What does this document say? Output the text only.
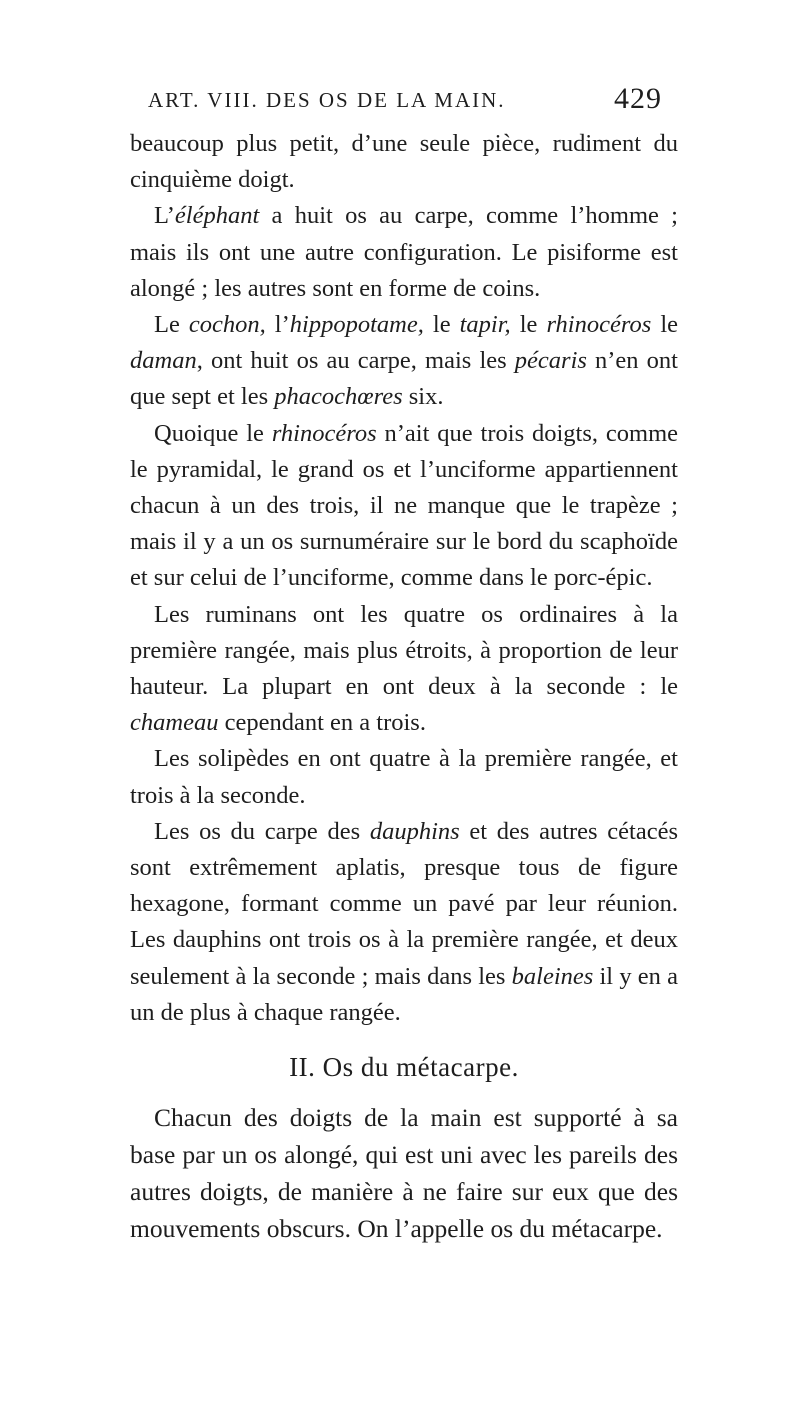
ART. VIII. DES OS DE LA MAIN.	429

beaucoup plus petit, d’une seule pièce, rudiment du cinquième doigt.

L’éléphant a huit os au carpe, comme l’homme ; mais ils ont une autre configuration. Le pisiforme est alongé ; les autres sont en forme de coins.

Le cochon, l’hippopotame, le tapir, le rhinocéros le daman, ont huit os au carpe, mais les pécaris n’en ont que sept et les phacochœres six.

Quoique le rhinocéros n’ait que trois doigts, comme le pyramidal, le grand os et l’unciforme appartiennent chacun à un des trois, il ne manque que le trapèze ; mais il y a un os surnuméraire sur le bord du scaphoïde et sur celui de l’unciforme, comme dans le porc-épic.

Les ruminans ont les quatre os ordinaires à la première rangée, mais plus étroits, à proportion de leur hauteur. La plupart en ont deux à la seconde : le chameau cependant en a trois.

Les solipèdes en ont quatre à la première rangée, et trois à la seconde.

Les os du carpe des dauphins et des autres cétacés sont extrêmement aplatis, presque tous de figure hexagone, formant comme un pavé par leur réunion. Les dauphins ont trois os à la première rangée, et deux seulement à la seconde ; mais dans les baleines il y en a un de plus à chaque rangée.

II. Os du métacarpe.

Chacun des doigts de la main est supporté à sa base par un os alongé, qui est uni avec les pareils des autres doigts, de manière à ne faire sur eux que des mouvements obscurs. On l’appelle os du métacarpe.
